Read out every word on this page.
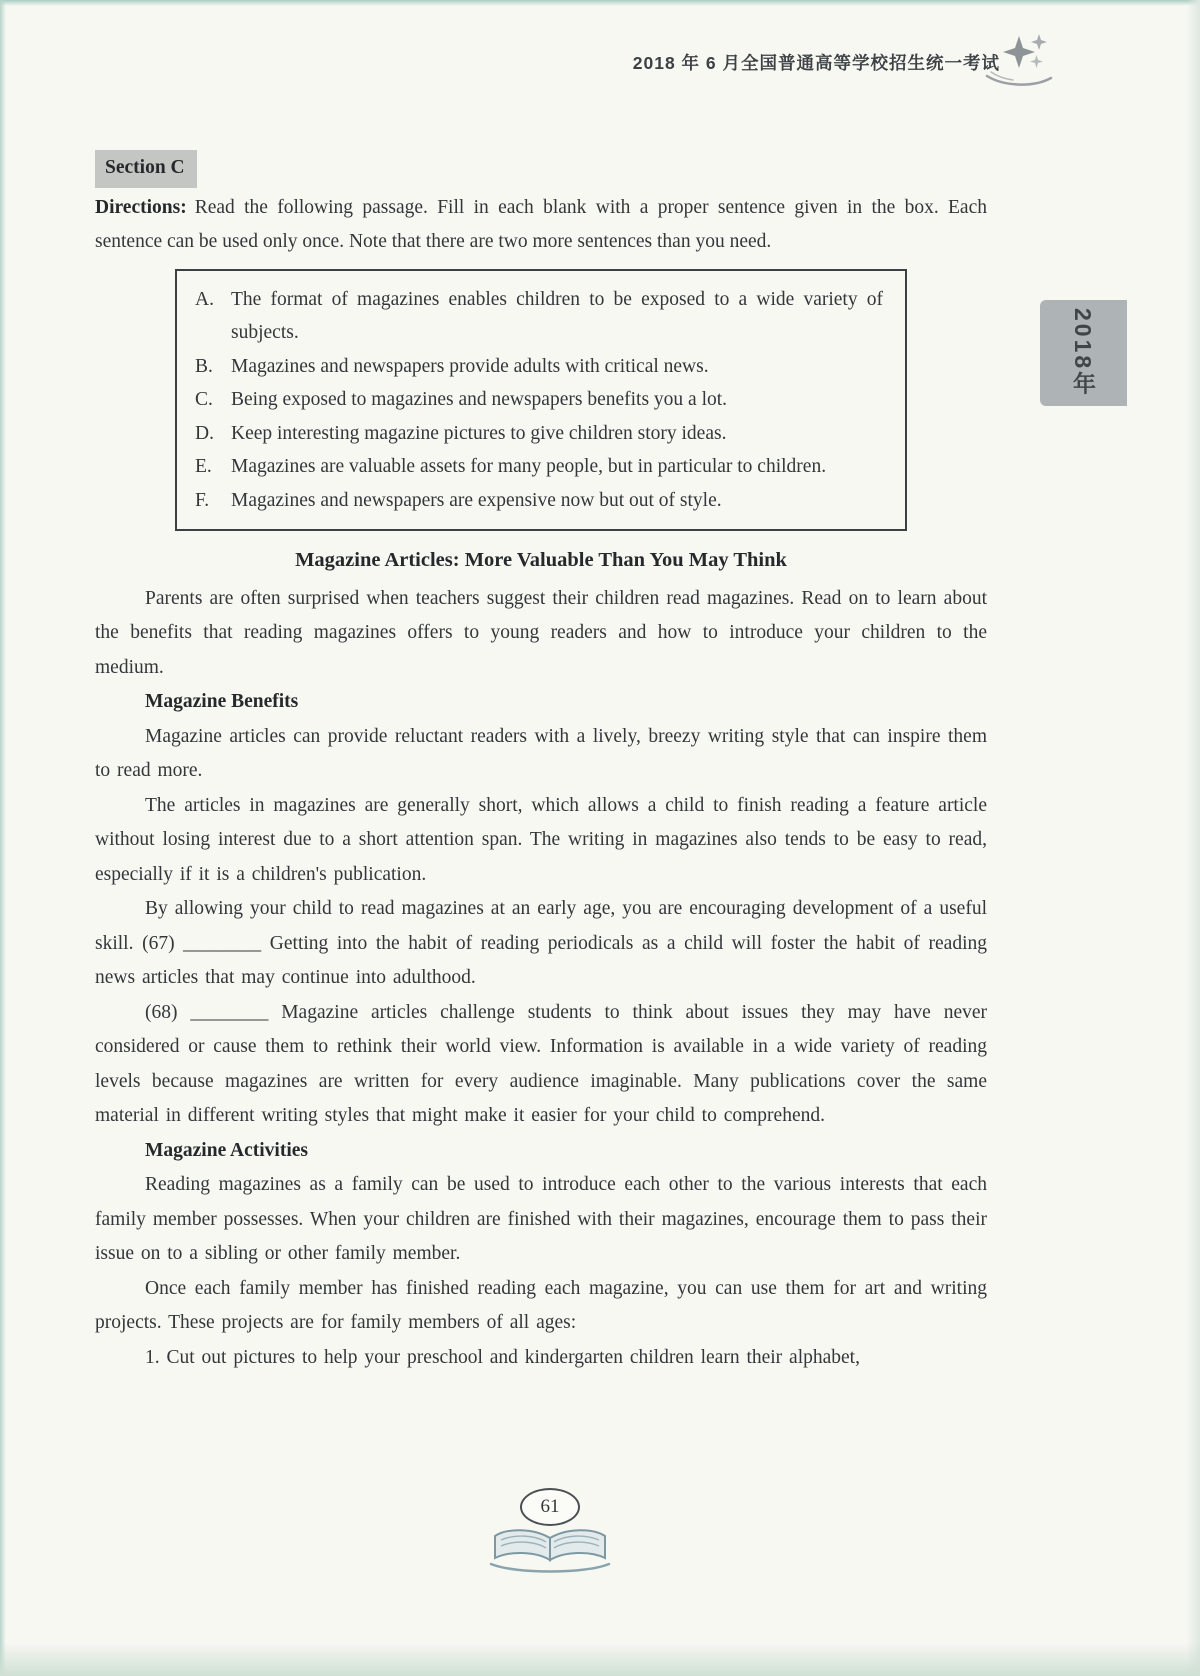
2018 年 6 月全国普通高等学校招生统一考试
2018年
Section C

Directions: Read the following passage. Fill in each blank with a proper sentence given in the box. Each sentence can be used only once. Note that there are two more sentences than you need.

A. The format of magazines enables children to be exposed to a wide variety of subjects.
B. Magazines and newspapers provide adults with critical news.
C. Being exposed to magazines and newspapers benefits you a lot.
D. Keep interesting magazine pictures to give children story ideas.
E. Magazines are valuable assets for many people, but in particular to children.
F. Magazines and newspapers are expensive now but out of style.
Magazine Articles: More Valuable Than You May Think

Parents are often surprised when teachers suggest their children read magazines. Read on to learn about the benefits that reading magazines offers to young readers and how to introduce your children to the medium.

Magazine Benefits

Magazine articles can provide reluctant readers with a lively, breezy writing style that can inspire them to read more.

The articles in magazines are generally short, which allows a child to finish reading a feature article without losing interest due to a short attention span. The writing in magazines also tends to be easy to read, especially if it is a children's publication.

By allowing your child to read magazines at an early age, you are encouraging development of a useful skill. (67) ________ Getting into the habit of reading periodicals as a child will foster the habit of reading news articles that may continue into adulthood.

(68) ________ Magazine articles challenge students to think about issues they may have never considered or cause them to rethink their world view. Information is available in a wide variety of reading levels because magazines are written for every audience imaginable. Many publications cover the same material in different writing styles that might make it easier for your child to comprehend.

Magazine Activities

Reading magazines as a family can be used to introduce each other to the various interests that each family member possesses. When your children are finished with their magazines, encourage them to pass their issue on to a sibling or other family member.

Once each family member has finished reading each magazine, you can use them for art and writing projects. These projects are for family members of all ages:

1. Cut out pictures to help your preschool and kindergarten children learn their alphabet,

61
